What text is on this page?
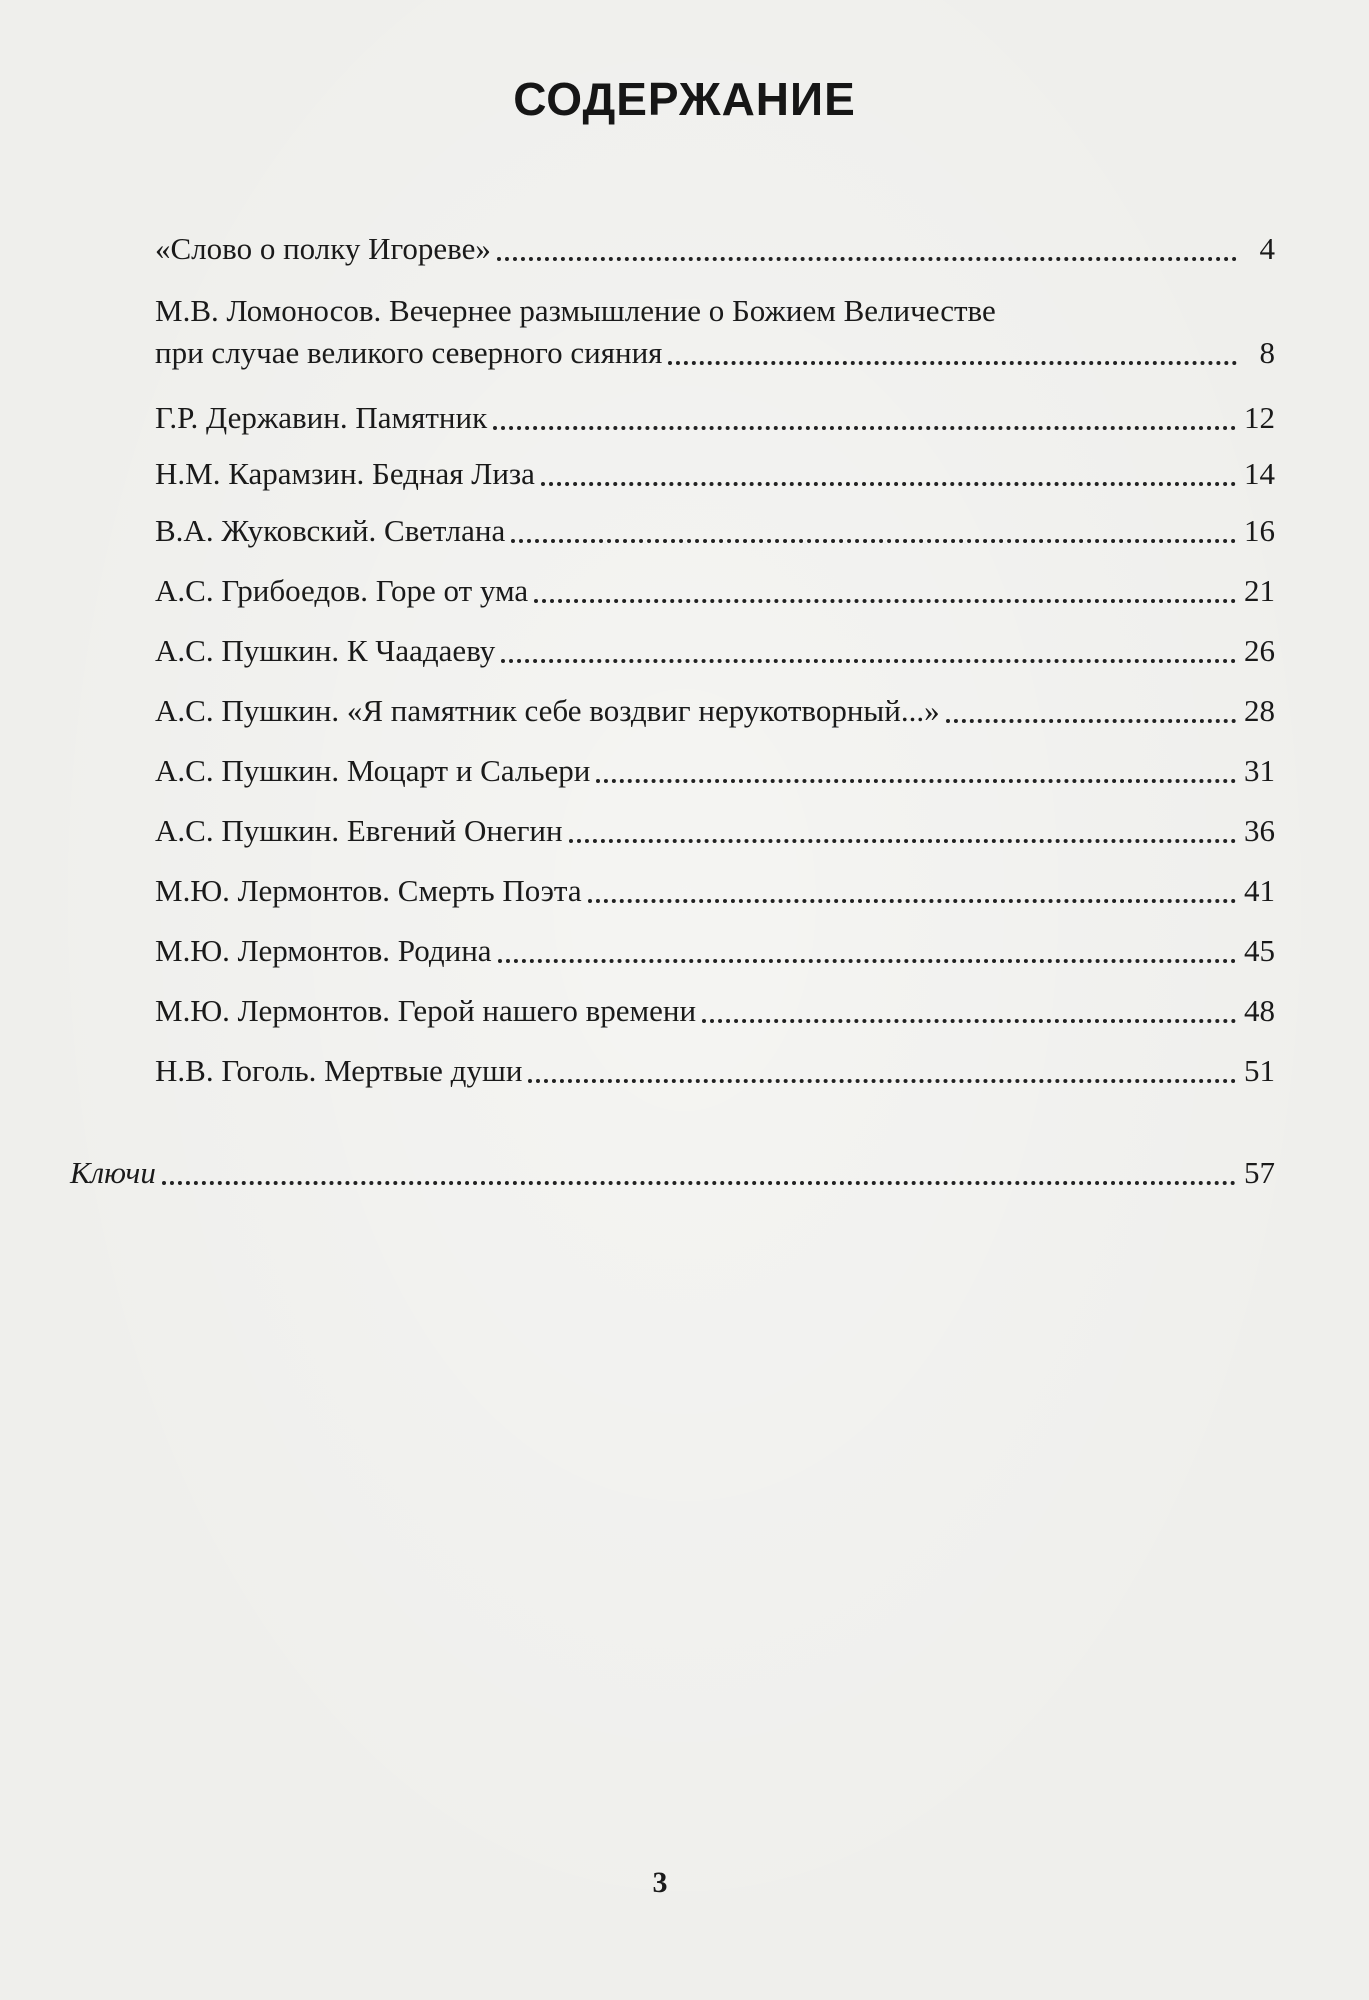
СОДЕРЖАНИЕ
«Слово о полку Игореве»	4
М.В. Ломоносов. Вечернее размышление о Божием Величестве
при случае великого северного сияния	8
Г.Р. Державин. Памятник	12
Н.М. Карамзин. Бедная Лиза	14
В.А. Жуковский. Светлана	16
А.С. Грибоедов. Горе от ума	21
А.С. Пушкин. К Чаадаеву	26
А.С. Пушкин. «Я памятник себе воздвиг нерукотворный...»	28
А.С. Пушкин. Моцарт и Сальери	31
А.С. Пушкин. Евгений Онегин	36
М.Ю. Лермонтов. Смерть Поэта	41
М.Ю. Лермонтов. Родина	45
М.Ю. Лермонтов. Герой нашего времени	48
Н.В. Гоголь. Мертвые души	51
Ключи	57
3
